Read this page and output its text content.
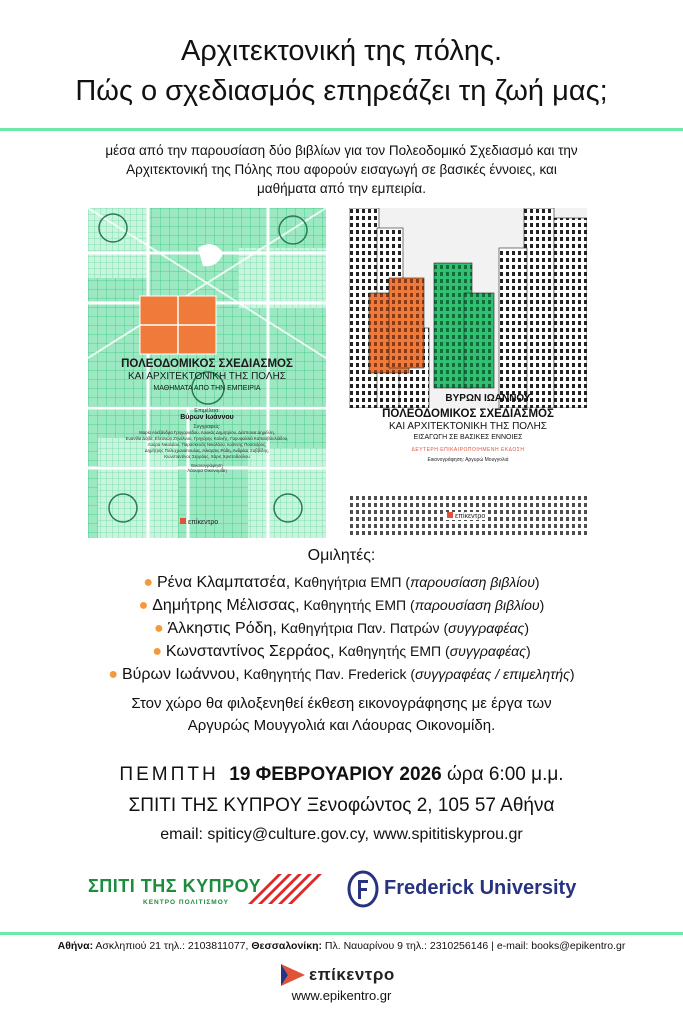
Αρχιτεκτονική της πόλης.
Πώς ο σχεδιασμός επηρεάζει τη ζωή μας;
μέσα από την παρουσίαση δύο βιβλίων για τον Πολεοδομικό Σχεδιασμό και την
Αρχιτεκτονική της Πόλης που αφορούν εισαγωγή σε βασικές έννοιες, και
μαθήματα από την εμπειρία.
ΠΟΛΕΟΔΟΜΙΚΟΣ ΣΧΕΔΙΑΣΜΟΣ
ΚΑΙ ΑΡΧΙΤΕΚΤΟΝΙΚΗ ΤΗΣ ΠΟΛΗΣ
ΜΑΘΗΜΑΤΑ ΑΠΟ ΤΗΝ ΕΜΠΕΙΡΙΑ
Επιμέλεια:
Βύρων Ιωάννου
Συγγραφείς:
Μαρία Αλεξάνδρα Γρηγοριάδου, Λουκάς Δημητρίου, Δέσποινα Δημέλλη,
Ευανθία Δόβα, Ελεονώρ Ζηνέλνου, Γρηγόρης Καλνής, Γαρυφαλλιά Καπασβόυλιάδου,
Λαύρα Νικολάου, Παρασκευάς Νικολάου, Ιωάννης Ποσσιόρος,
Δημήτρης Πολυχρονόπουλος, Άλκηστις Ρόδη, Ανδρέας Σαββίδης,
Κωνσταντίνος Σερράος, Χάρις Χριστοδούλου
Εικονογράφηση
Λάουρα Οικονομίδη
επίκεντρο
ΒΥΡΩΝ ΙΩΑΝΝΟΥ
ΠΟΛΕΟΔΟΜΙΚΟΣ ΣΧΕΔΙΑΣΜΟΣ
ΚΑΙ ΑΡΧΙΤΕΚΤΟΝΙΚΗ ΤΗΣ ΠΟΛΗΣ
ΕΙΣΑΓΩΓΗ ΣΕ ΒΑΣΙΚΕΣ ΕΝΝΟΙΕΣ
ΔΕΥΤΕΡΗ ΕΠΙΚΑΙΡΟΠΟΙΗΜΕΝΗ ΕΚΔΟΣΗ
Εικονογράφηση: Αργυρώ Μουγγολιά
επίκεντρο
Ομιλητές:
● Ρένα Κλαμπατσέα, Καθηγήτρια ΕΜΠ (παρουσίαση βιβλίου)
● Δημήτρης Μέλισσας, Καθηγητής ΕΜΠ (παρουσίαση βιβλίου)
● Άλκηστις Ρόδη, Καθηγήτρια Παν. Πατρών (συγγραφέας)
● Κωνσταντίνος Σερράος, Καθηγητής ΕΜΠ (συγγραφέας)
● Βύρων Ιωάννου, Καθηγητής Παν. Frederick (συγγραφέας / επιμελητής)
Στον χώρο θα φιλοξενηθεί έκθεση εικονογράφησης με έργα των
Αργυρώς Μουγγολιά και Λάουρας Οικονομίδη.
ΠΕΜΠΤΗ 19 ΦΕΒΡΟΥΑΡΙΟΥ 2026 ώρα 6:00 μ.μ.
ΣΠΙΤΙ ΤΗΣ ΚΥΠΡΟΥ Ξενοφώντος 2, 105 57 Αθήνα
email: spiticy@culture.gov.cy, www.spititiskyprou.gr
ΣΠΙΤΙ ΤΗΣ ΚΥΠΡΟΥ
ΚΕΝΤΡΟ ΠΟΛΙΤΙΣΜΟΥ
Frederick University
Αθήνα: Ασκληπιού 21 τηλ.: 2103811077, Θεσσαλονίκη: Πλ. Ναυαρίνου 9 τηλ.: 2310256146 | e-mail: books@epikentro.gr
επίκεντρο
www.epikentro.gr
